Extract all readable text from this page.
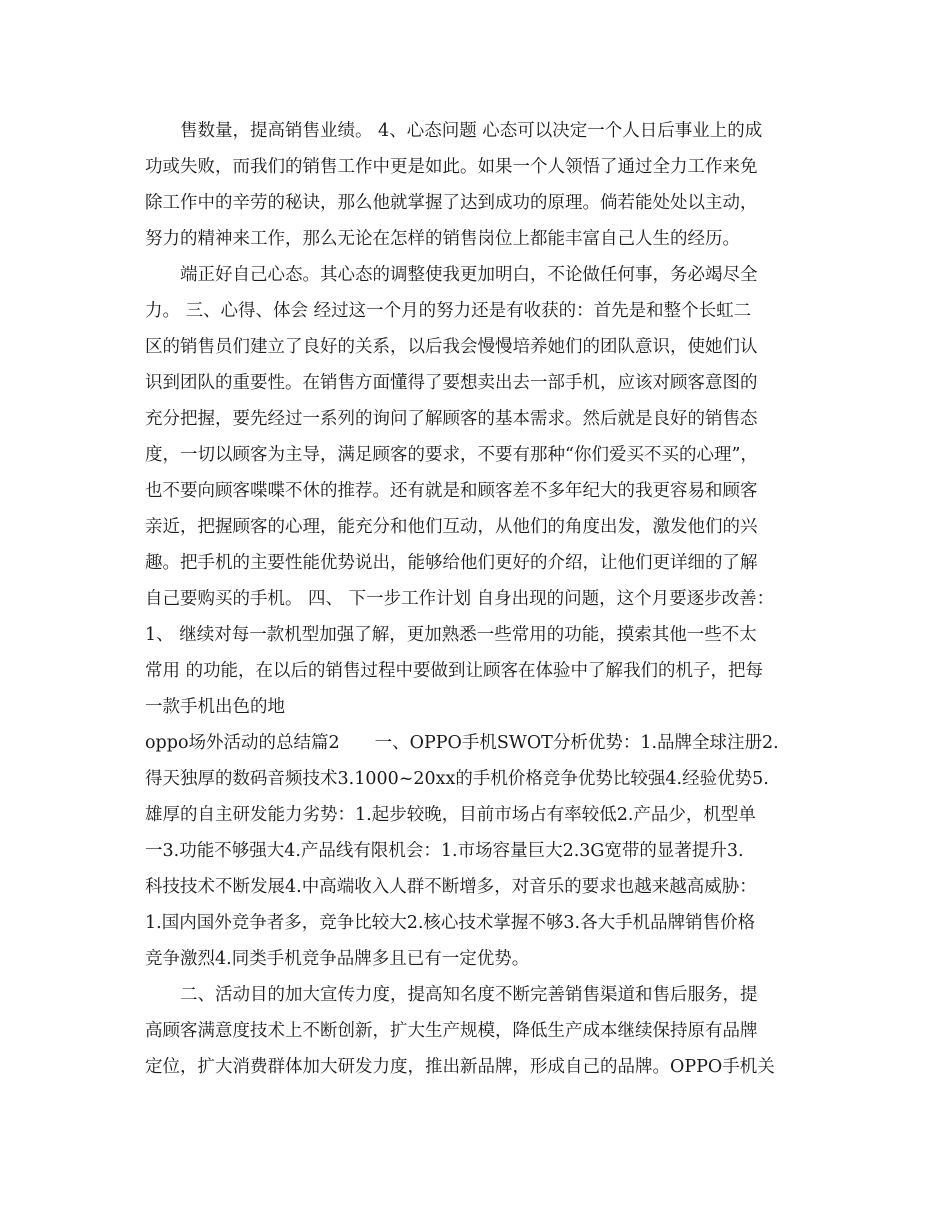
　　售数量，提高销售业绩。 4、心态问题 心态可以决定一个人日后事业上的成
功或失败，而我们的销售工作中更是如此。如果一个人领悟了通过全力工作来免
除工作中的辛劳的秘诀，那么他就掌握了达到成功的原理。倘若能处处以主动，
努力的精神来工作，那么无论在怎样的销售岗位上都能丰富自己人生的经历。
　　端正好自己心态。其心态的调整使我更加明白，不论做任何事，务必竭尽全
力。 三、心得、体会 经过这一个月的努力还是有收获的：首先是和整个长虹二
区的销售员们建立了良好的关系，以后我会慢慢培养她们的团队意识，使她们认
识到团队的重要性。在销售方面懂得了要想卖出去一部手机，应该对顾客意图的
充分把握，要先经过一系列的询问了解顾客的基本需求。然后就是良好的销售态
度，一切以顾客为主导，满足顾客的要求，不要有那种“你们爱买不买的心理”，
也不要向顾客喋喋不休的推荐。还有就是和顾客差不多年纪大的我更容易和顾客
亲近，把握顾客的心理，能充分和他们互动，从他们的角度出发，激发他们的兴
趣。把手机的主要性能优势说出，能够给他们更好的介绍，让他们更详细的了解
自己要购买的手机。 四、 下一步工作计划 自身出现的问题，这个月要逐步改善：
1、 继续对每一款机型加强了解，更加熟悉一些常用的功能，摸索其他一些不太
常用 的功能，在以后的销售过程中要做到让顾客在体验中了解我们的机子，把每
一款手机出色的地
oppo场外活动的总结篇2　　一、OPPO手机SWOT分析优势：1.品牌全球注册2.
得天独厚的数码音频技术3.1000~20xx的手机价格竞争优势比较强4.经验优势5.
雄厚的自主研发能力劣势：1.起步较晚，目前市场占有率较低2.产品少，机型单
一3.功能不够强大4.产品线有限机会：1.市场容量巨大2.3G宽带的显著提升3.
科技技术不断发展4.中高端收入人群不断增多，对音乐的要求也越来越高威胁：
1.国内国外竞争者多，竞争比较大2.核心技术掌握不够3.各大手机品牌销售价格
竞争激烈4.同类手机竞争品牌多且已有一定优势。
　　二、活动目的加大宣传力度，提高知名度不断完善销售渠道和售后服务，提
高顾客满意度技术上不断创新，扩大生产规模，降低生产成本继续保持原有品牌
定位，扩大消费群体加大研发力度，推出新品牌，形成自己的品牌。OPPO手机关
